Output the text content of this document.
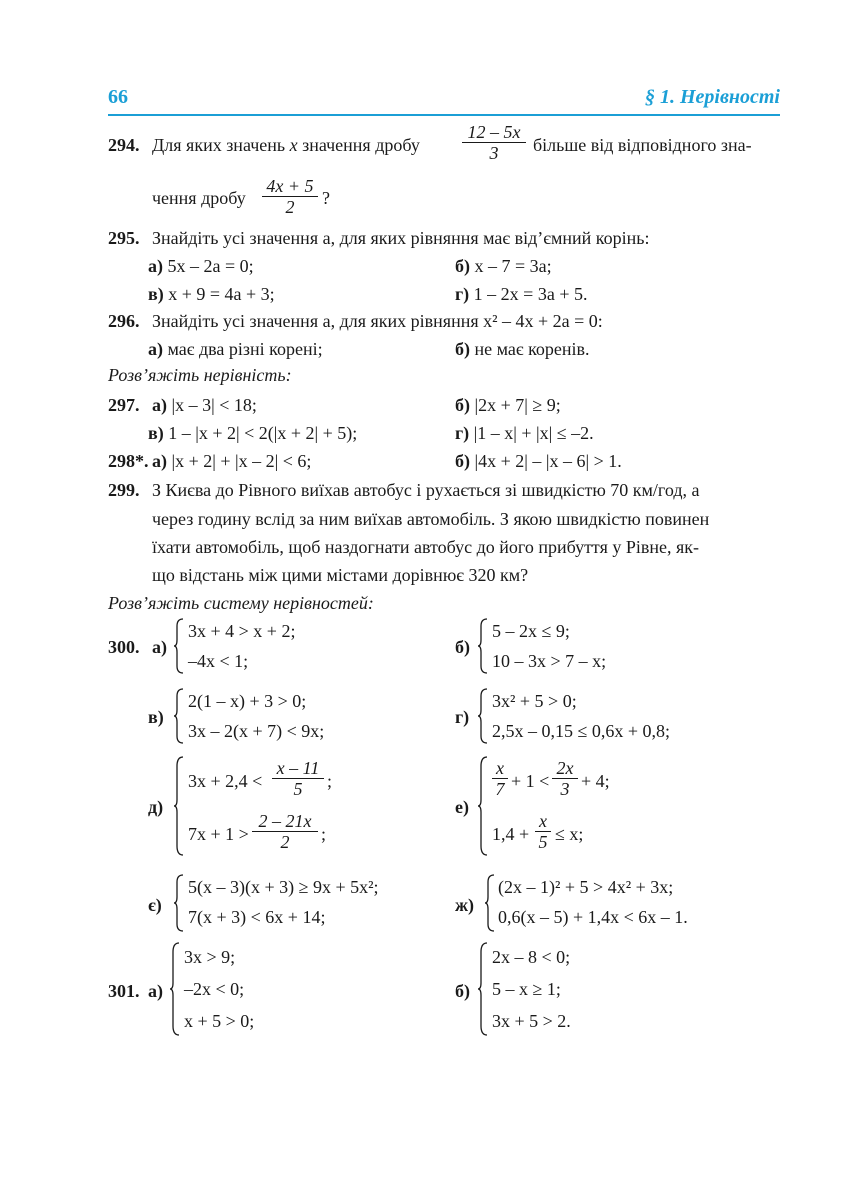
66	§ 1. Нерівності
294. Для яких значень x значення дробу $\frac{12 - 5x}{3}$ більше від відповідного зна-
чення дробу $\frac{4x + 5}{2}$ ?
295. Знайдіть усі значення а, для яких рівняння має від’ємний корінь:
а) 5x – 2a = 0;	б) x – 7 = 3a;
в) x + 9 = 4a + 3;	г) 1 – 2x = 3a + 5.
296. Знайдіть усі значення a, для яких рівняння x² – 4x + 2a = 0:
а) має два різні корені;	б) не має коренів.
Розв’яжіть нерівність:
297. а) |x – 3| < 18;	б) |2x + 7| ≥ 9;
в) 1 – |x + 2| < 2(|x + 2| + 5);	г) |1 – x| + |x| ≤ –2.
298*. а) |x + 2| + |x – 2| < 6;	б) |4x + 2| – |x – 6| > 1.
299. З Києва до Рівного виїхав автобус і рухається зі швидкістю 70 км/год, а
через годину вслід за ним виїхав автомобіль. З якою швидкістю повинен
їхати автомобіль, щоб наздогнати автобус до його прибуття у Рівне, як-
що відстань між цими містами дорівнює 320 км?
Розв’яжіть систему нерівностей:
300. а)
3x + 4 > x + 2;
–4x < 1;
б)
5 – 2x ≤ 9;
10 – 3x > 7 – x;
в)
2(1 – x) + 3 > 0;
3x – 2(x + 7) < 9x;
г)
3x² + 5 > 0;
2,5x – 0,15 ≤ 0,6x + 0,8;
д)
$3x + 2,4 < \frac{x - 11}{5}$ ;
$7x + 1 > \frac{2 - 21x}{2}$ ;
е)
$\frac{x}{7} + 1 < \frac{2x}{3} + 4$;
$1,4 + \frac{x}{5} \le x$;
є)
5(x – 3)(x + 3) ≥ 9x + 5x²;
7(x + 3) < 6x + 14;
ж)
(2x – 1)² + 5 > 4x² + 3x;
0,6(x – 5) + 1,4x < 6x – 1.
301. а)
3x > 9;
–2x < 0;
x + 5 > 0;
б)
2x – 8 < 0;
5 – x ≥ 1;
3x + 5 > 2.
